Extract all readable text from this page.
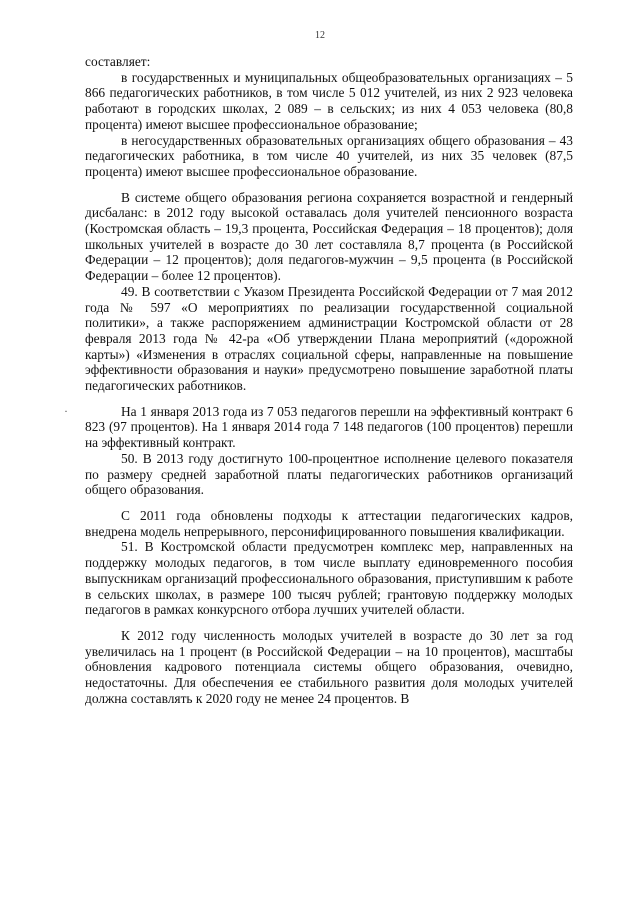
12

составляет:

в государственных и муниципальных общеобразовательных организациях – 5 866 педагогических работников, в том числе 5 012 учителей, из них 2 923 человека работают в городских школах, 2 089 – в сельских; из них 4 053 человека (80,8 процента) имеют высшее профессиональное образование;

в негосударственных образовательных организациях общего образования – 43 педагогических работника, в том числе 40 учителей, из них 35 человек (87,5 процента) имеют высшее профессиональное образование.

В системе общего образования региона сохраняется возрастной и гендерный дисбаланс: в 2012 году высокой оставалась доля учителей пенсионного возраста (Костромская область – 19,3 процента, Российская Федерация – 18 процентов); доля школьных учителей в возрасте до 30 лет составляла 8,7 процента (в Российской Федерации – 12 процентов); доля педагогов-мужчин – 9,5 процента (в Российской Федерации – более 12 процентов).

49. В соответствии с Указом Президента Российской Федерации от 7 мая 2012 года № 597 «О мероприятиях по реализации государственной социальной политики», а также распоряжением администрации Костромской области от 28 февраля 2013 года № 42-ра «Об утверждении Плана мероприятий («дорожной карты») «Изменения в отраслях социальной сферы, направленные на повышение эффективности образования и науки» предусмотрено повышение заработной платы педагогических работников.

На 1 января 2013 года из 7 053 педагогов перешли на эффективный контракт 6 823 (97 процентов). На 1 января 2014 года 7 148 педагогов (100 процентов) перешли на эффективный контракт.

50. В 2013 году достигнуто 100-процентное исполнение целевого показателя по размеру средней заработной платы педагогических работников организаций общего образования.

С 2011 года обновлены подходы к аттестации педагогических кадров, внедрена модель непрерывного, персонифицированного повышения квалификации.

51. В Костромской области предусмотрен комплекс мер, направленных на поддержку молодых педагогов, в том числе выплату единовременного пособия выпускникам организаций профессионального образования, приступившим к работе в сельских школах, в размере 100 тысяч рублей; грантовую поддержку молодых педагогов в рамках конкурсного отбора лучших учителей области.

К 2012 году численность молодых учителей в возрасте до 30 лет за год увеличилась на 1 процент (в Российской Федерации – на 10 процентов), масштабы обновления кадрового потенциала системы общего образования, очевидно, недостаточны. Для обеспечения ее стабильного развития доля молодых учителей должна составлять к 2020 году не менее 24 процентов. В

·
